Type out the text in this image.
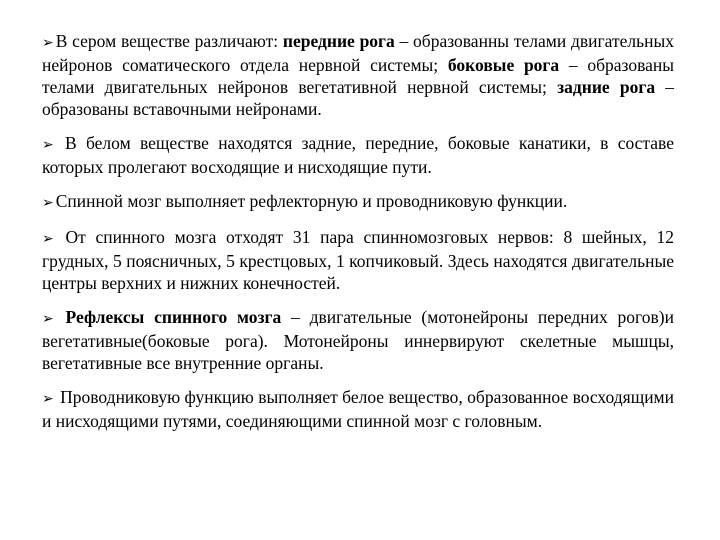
➢ В сером веществе различают: передние рога – образованны телами двигательных нейронов соматического отдела нервной системы; боковые рога – образованы телами двигательных нейронов вегетативной нервной системы; задние рога – образованы вставочными нейронами.

➢ В белом веществе находятся задние, передние, боковые канатики, в составе которых пролегают восходящие и нисходящие пути.

➢ Спинной мозг выполняет рефлекторную и проводниковую функции.

➢ От спинного мозга отходят 31 пара спинномозговых нервов: 8 шейных, 12 грудных, 5 поясничных, 5 крестцовых, 1 копчиковый. Здесь находятся двигательные центры верхних и нижних конечностей.

➢ Рефлексы спинного мозга – двигательные (мотонейроны передних рогов)и вегетативные(боковые рога). Мотонейроны иннервируют скелетные мышцы, вегетативные все внутренние органы.

➢ Проводниковую функцию выполняет белое вещество, образованное восходящими и нисходящими путями, соединяющими спинной мозг с головным.
